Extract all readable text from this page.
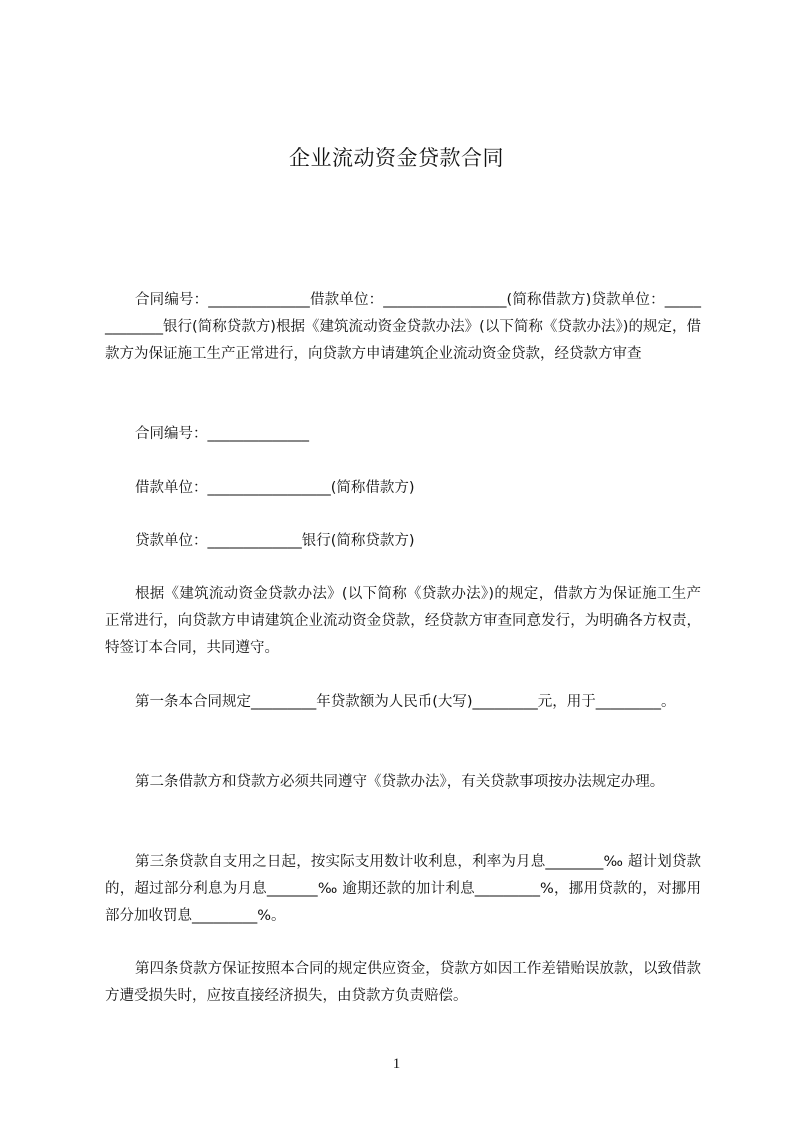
企业流动资金贷款合同
合同编号：______________借款单位：_________________(简称借款方)贷款单位：_____________银行(简称贷款方)根据《建筑流动资金贷款办法》(以下简称《贷款办法》)的规定，借款方为保证施工生产正常进行，向贷款方申请建筑企业流动资金贷款，经贷款方审查
合同编号：______________
借款单位：_________________(简称借款方)
贷款单位：_____________银行(简称贷款方)
根据《建筑流动资金贷款办法》(以下简称《贷款办法》)的规定，借款方为保证施工生产正常进行，向贷款方申请建筑企业流动资金贷款，经贷款方审查同意发行，为明确各方权责，特签订本合同，共同遵守。
第一条本合同规定_________年贷款额为人民币(大写)_________元，用于_________。
第二条借款方和贷款方必须共同遵守《贷款办法》，有关贷款事项按办法规定办理。
第三条贷款自支用之日起，按实际支用数计收利息，利率为月息________‰ 超计划贷款的，超过部分利息为月息_______‰ 逾期还款的加计利息_________%，挪用贷款的，对挪用部分加收罚息_________%。
第四条贷款方保证按照本合同的规定供应资金，贷款方如因工作差错贻误放款，以致借款方遭受损失时，应按直接经济损失，由贷款方负责赔偿。
1
